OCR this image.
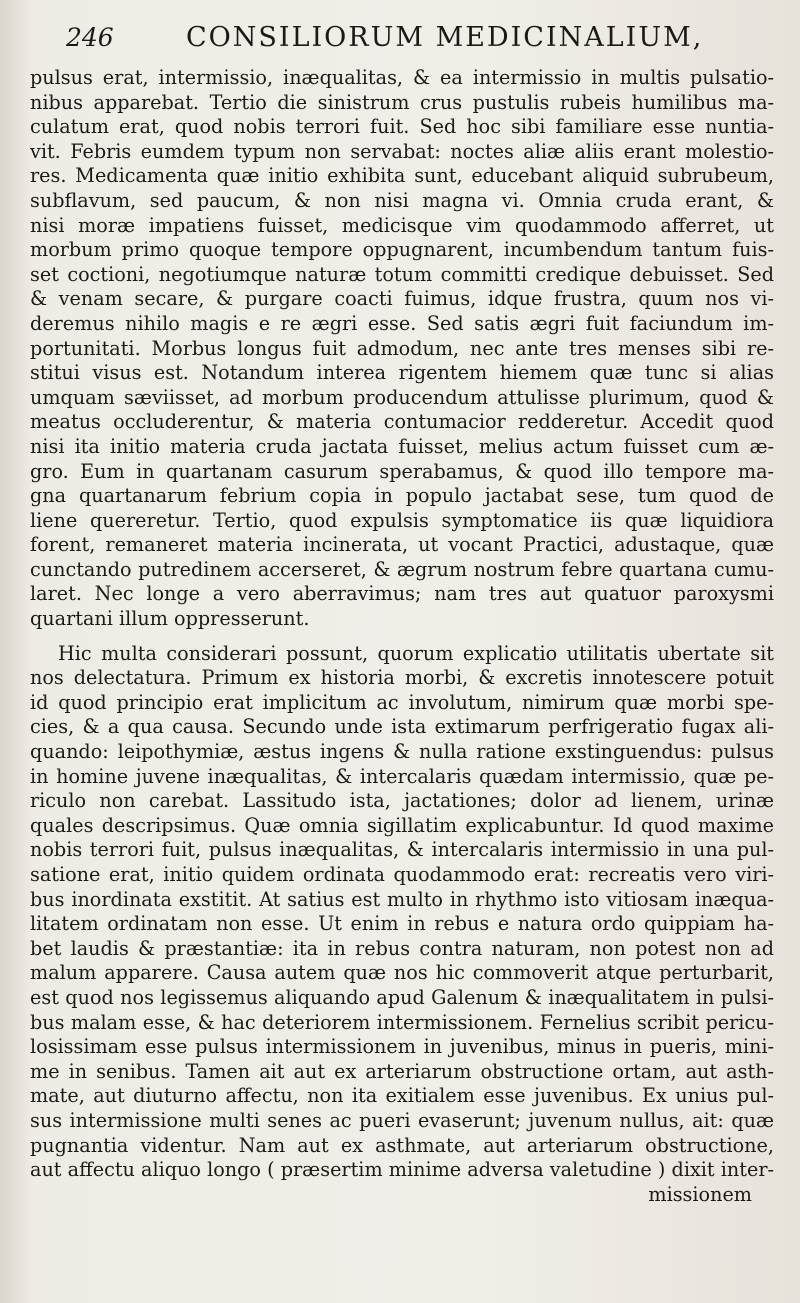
246	CONSILIORUM MEDICINALIUM,
pulsus erat, intermissio, inæqualitas, & ea intermissio in multis pulsatio-
nibus apparebat. Tertio die sinistrum crus pustulis rubeis humilibus ma-
culatum erat, quod nobis terrori fuit. Sed hoc sibi familiare esse nuntia-
vit. Febris eumdem typum non servabat: noctes aliæ aliis erant molestio-
res. Medicamenta quæ initio exhibita sunt, educebant aliquid subrubeum,
subflavum, sed paucum, & non nisi magna vi. Omnia cruda erant, &
nisi moræ impatiens fuisset, medicisque vim quodammodo afferret, ut
morbum primo quoque tempore oppugnarent, incumbendum tantum fuis-
set coctioni, negotiumque naturæ totum committi credique debuisset. Sed
& venam secare, & purgare coacti fuimus, idque frustra, quum nos vi-
deremus nihilo magis e re ægri esse. Sed satis ægri fuit faciundum im-
portunitati. Morbus longus fuit admodum, nec ante tres menses sibi re-
stitui visus est. Notandum interea rigentem hiemem quæ tunc si alias
umquam sæviisset, ad morbum producendum attulisse plurimum, quod &
meatus occluderentur, & materia contumacior redderetur. Accedit quod
nisi ita initio materia cruda jactata fuisset, melius actum fuisset cum æ-
gro. Eum in quartanam casurum sperabamus, & quod illo tempore ma-
gna quartanarum febrium copia in populo jactabat sese, tum quod de
liene quereretur. Tertio, quod expulsis symptomatice iis quæ liquidiora
forent, remaneret materia incinerata, ut vocant Practici, adustaque, quæ
cunctando putredinem accerseret, & ægrum nostrum febre quartana cumu-
laret. Nec longe a vero aberravimus; nam tres aut quatuor paroxysmi
quartani illum oppresserunt.
Hic multa considerari possunt, quorum explicatio utilitatis ubertate sit
nos delectatura. Primum ex historia morbi, & excretis innotescere potuit
id quod principio erat implicitum ac involutum, nimirum quæ morbi spe-
cies, & a qua causa. Secundo unde ista extimarum perfrigeratio fugax ali-
quando: leipothymiæ, æstus ingens & nulla ratione exstinguendus: pulsus
in homine juvene inæqualitas, & intercalaris quædam intermissio, quæ pe-
riculo non carebat. Lassitudo ista, jactationes; dolor ad lienem, urinæ
quales descripsimus. Quæ omnia sigillatim explicabuntur. Id quod maxime
nobis terrori fuit, pulsus inæqualitas, & intercalaris intermissio in una pul-
satione erat, initio quidem ordinata quodammodo erat: recreatis vero viri-
bus inordinata exstitit. At satius est multo in rhythmo isto vitiosam inæqua-
litatem ordinatam non esse. Ut enim in rebus e natura ordo quippiam ha-
bet laudis & præstantiæ: ita in rebus contra naturam, non potest non ad
malum apparere. Causa autem quæ nos hic commoverit atque perturbarit,
est quod nos legissemus aliquando apud Galenum & inæqualitatem in pulsi-
bus malam esse, & hac deteriorem intermissionem. Fernelius scribit pericu-
losissimam esse pulsus intermissionem in juvenibus, minus in pueris, mini-
me in senibus. Tamen ait aut ex arteriarum obstructione ortam, aut asth-
mate, aut diuturno affectu, non ita exitialem esse juvenibus. Ex unius pul-
sus intermissione multi senes ac pueri evaserunt; juvenum nullus, ait: quæ
pugnantia videntur. Nam aut ex asthmate, aut arteriarum obstructione,
aut affectu aliquo longo ( præsertim minime adversa valetudine ) dixit inter-
missionem
